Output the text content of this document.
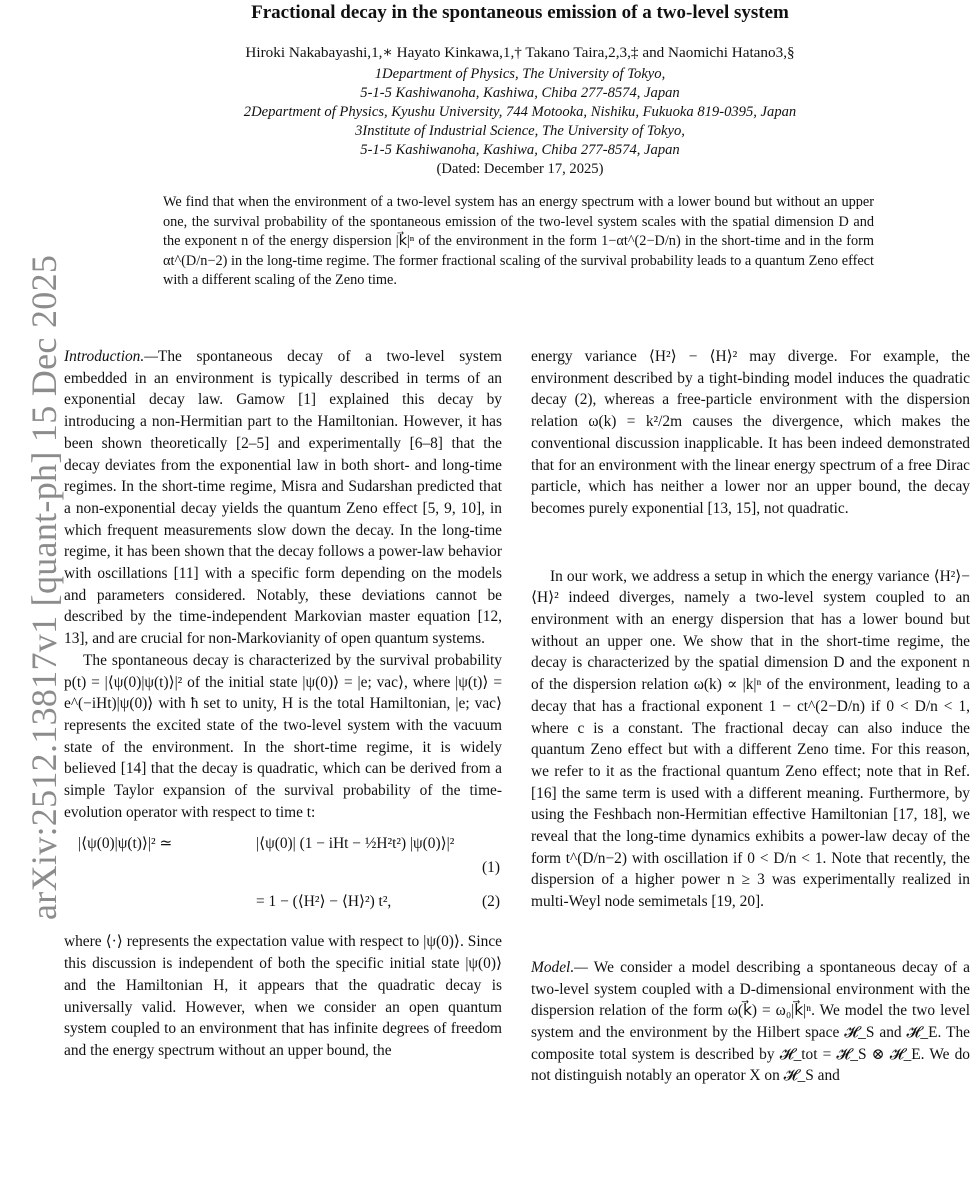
arXiv:2512.13817v1 [quant-ph] 15 Dec 2025
Fractional decay in the spontaneous emission of a two-level system
Hiroki Nakabayashi,1,∗ Hayato Kinkawa,1,† Takano Taira,2,3,‡ and Naomichi Hatano3,§
1Department of Physics, The University of Tokyo,
5-1-5 Kashiwanoha, Kashiwa, Chiba 277-8574, Japan
2Department of Physics, Kyushu University, 744 Motooka, Nishiku, Fukuoka 819-0395, Japan
3Institute of Industrial Science, The University of Tokyo,
5-1-5 Kashiwanoha, Kashiwa, Chiba 277-8574, Japan
(Dated: December 17, 2025)
We find that when the environment of a two-level system has an energy spectrum with a lower bound but without an upper one, the survival probability of the spontaneous emission of the two-level system scales with the spatial dimension D and the exponent n of the energy dispersion |k⃗|ⁿ of the environment in the form 1−αt^(2−D/n) in the short-time and in the form αt^(D/n−2) in the long-time regime. The former fractional scaling of the survival probability leads to a quantum Zeno effect with a different scaling of the Zeno time.

Introduction.—The spontaneous decay of a two-level system embedded in an environment is typically described in terms of an exponential decay law. Gamow [1] explained this decay by introducing a non-Hermitian part to the Hamiltonian. However, it has been shown theoretically [2–5] and experimentally [6–8] that the decay deviates from the exponential law in both short- and long-time regimes. In the short-time regime, Misra and Sudarshan predicted that a non-exponential decay yields the quantum Zeno effect [5, 9, 10], in which frequent measurements slow down the decay. In the long-time regime, it has been shown that the decay follows a power-law behavior with oscillations [11] with a specific form depending on the models and parameters considered. Notably, these deviations cannot be described by the time-independent Markovian master equation [12, 13], and are crucial for non-Markovianity of open quantum systems.

The spontaneous decay is characterized by the survival probability p(t) = |⟨ψ(0)|ψ(t)⟩|² of the initial state |ψ(0)⟩ = |e; vac⟩, where |ψ(t)⟩ = e^(−iHt)|ψ(0)⟩ with ħ set to unity, H is the total Hamiltonian, |e; vac⟩ represents the excited state of the two-level system with the vacuum state of the environment. In the short-time regime, it is widely believed [14] that the decay is quadratic, which can be derived from a simple Taylor expansion of the survival probability of the time-evolution operator with respect to time t:

|⟨ψ(0)|ψ(t)⟩|² ≃	|⟨ψ(0)| (1 − iHt − ½H²t²) |ψ(0)⟩|²
(1)
= 1 − (⟨H²⟩ − ⟨H⟩²) t²,	(2)

where ⟨·⟩ represents the expectation value with respect to |ψ(0)⟩. Since this discussion is independent of both the specific initial state |ψ(0)⟩ and the Hamiltonian H, it appears that the quadratic decay is universally valid. However, when we consider an open quantum system coupled to an environment that has infinite degrees of freedom and the energy spectrum without an upper bound, the

energy variance ⟨H²⟩ − ⟨H⟩² may diverge. For example, the environment described by a tight-binding model induces the quadratic decay (2), whereas a free-particle environment with the dispersion relation ω(k) = k²/2m causes the divergence, which makes the conventional discussion inapplicable. It has been indeed demonstrated that for an environment with the linear energy spectrum of a free Dirac particle, which has neither a lower nor an upper bound, the decay becomes purely exponential [13, 15], not quadratic.

In our work, we address a setup in which the energy variance ⟨H²⟩−⟨H⟩² indeed diverges, namely a two-level system coupled to an environment with an energy dispersion that has a lower bound but without an upper one. We show that in the short-time regime, the decay is characterized by the spatial dimension D and the exponent n of the dispersion relation ω(k) ∝ |k|ⁿ of the environment, leading to a decay that has a fractional exponent 1 − ct^(2−D/n) if 0 < D/n < 1, where c is a constant. The fractional decay can also induce the quantum Zeno effect but with a different Zeno time. For this reason, we refer to it as the fractional quantum Zeno effect; note that in Ref. [16] the same term is used with a different meaning. Furthermore, by using the Feshbach non-Hermitian effective Hamiltonian [17, 18], we reveal that the long-time dynamics exhibits a power-law decay of the form t^(D/n−2) with oscillation if 0 < D/n < 1. Note that recently, the dispersion of a higher power n ≥ 3 was experimentally realized in multi-Weyl node semimetals [19, 20].

Model.— We consider a model describing a spontaneous decay of a two-level system coupled with a D-dimensional environment with the dispersion relation of the form ω(k⃗) = ω₀|k⃗|ⁿ. We model the two level system and the environment by the Hilbert space 𝓗_S and 𝓗_E. The composite total system is described by 𝓗_tot = 𝓗_S ⊗ 𝓗_E. We do not distinguish notably an operator X on 𝓗_S and
